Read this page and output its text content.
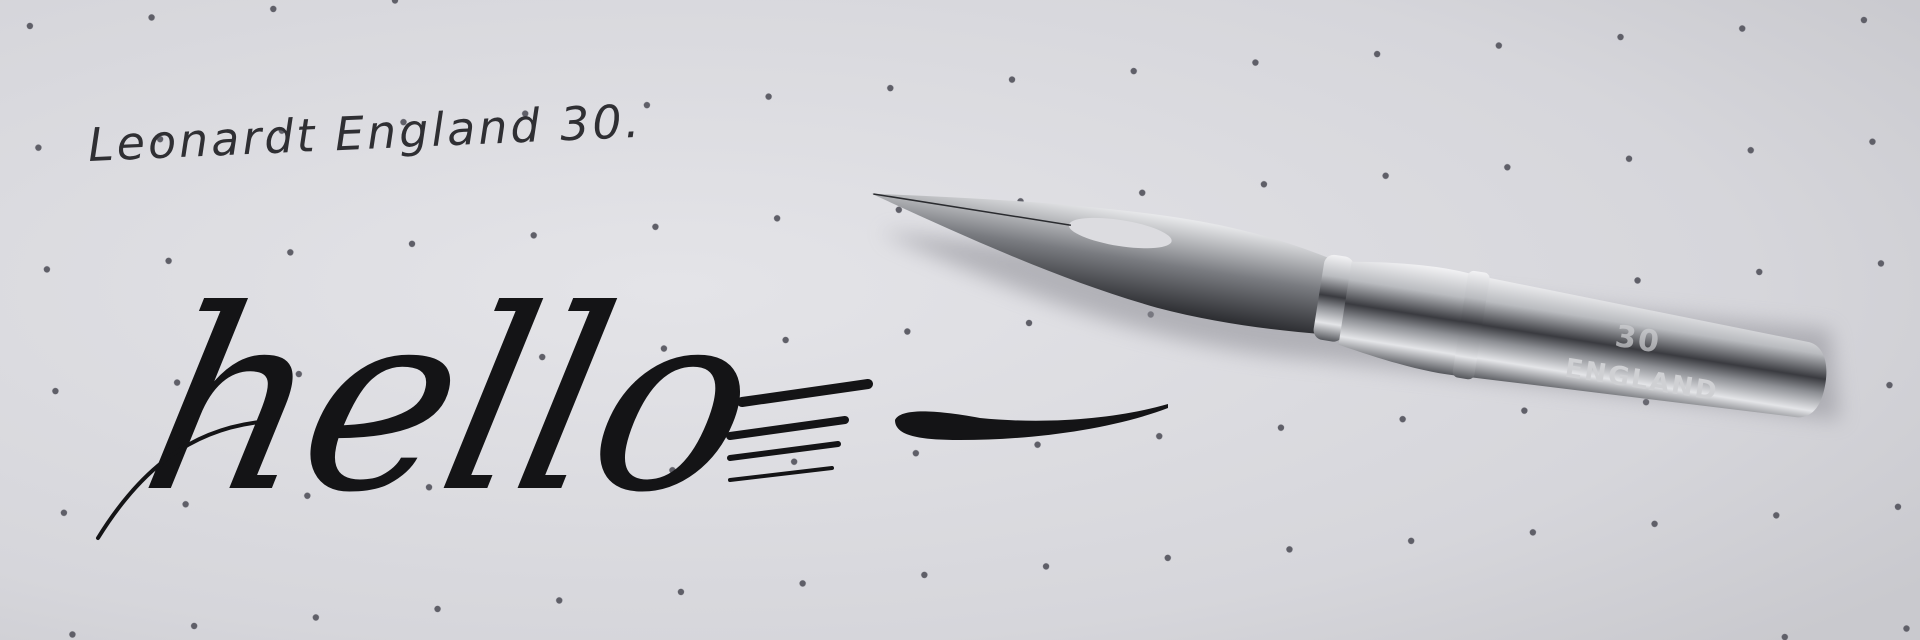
Leonardt England 30.
hello	30
ENGLAND
